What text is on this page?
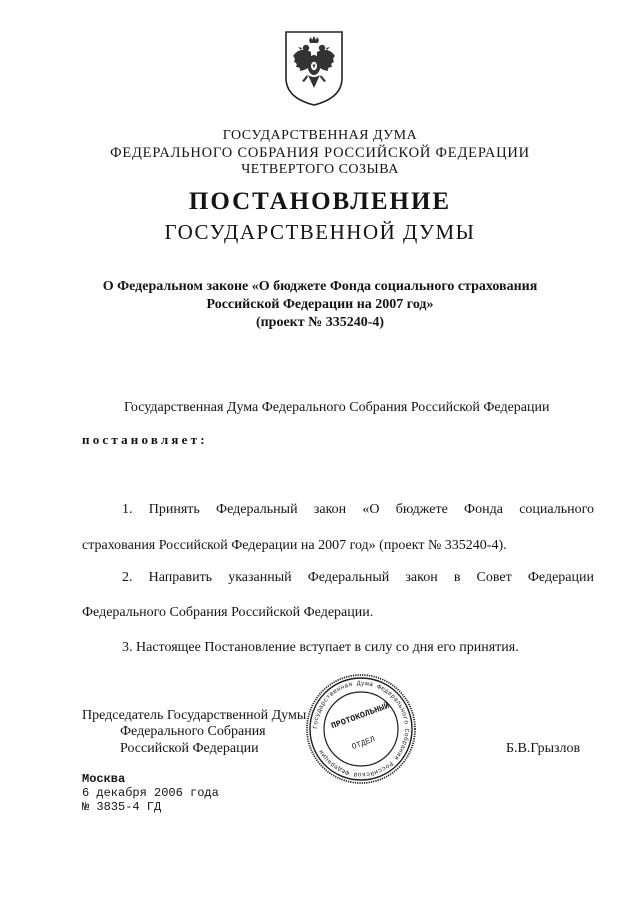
ГОСУДАРСТВЕННАЯ ДУМА
ФЕДЕРАЛЬНОГО СОБРАНИЯ РОССИЙСКОЙ ФЕДЕРАЦИИ
ЧЕТВЕРТОГО СОЗЫВА
ПОСТАНОВЛЕНИЕ
ГОСУДАРСТВЕННОЙ ДУМЫ
О Федеральном законе «О бюджете Фонда социального страхования
Российской Федерации на 2007 год»
(проект № 335240-4)
Государственная Дума Федерального Собрания Российской Федерации
постановляет:
1. Принять Федеральный закон «О бюджете Фонда социального
страхования Российской Федерации на 2007 год» (проект № 335240-4).
2. Направить указанный Федеральный закон в Совет Федерации
Федерального Собрания Российской Федерации.
3. Настоящее Постановление вступает в силу со дня его принятия.
Председатель Государственной Думы
Федерального Собрания
Российской Федерации	Б.В.Грызлов
Государственная Дума Федерального Собрания Российской Федерации
ПРОТОКОЛЬНЫЙ
ОТДЕЛ
Москва
6 декабря 2006 года
№ 3835-4 ГД
